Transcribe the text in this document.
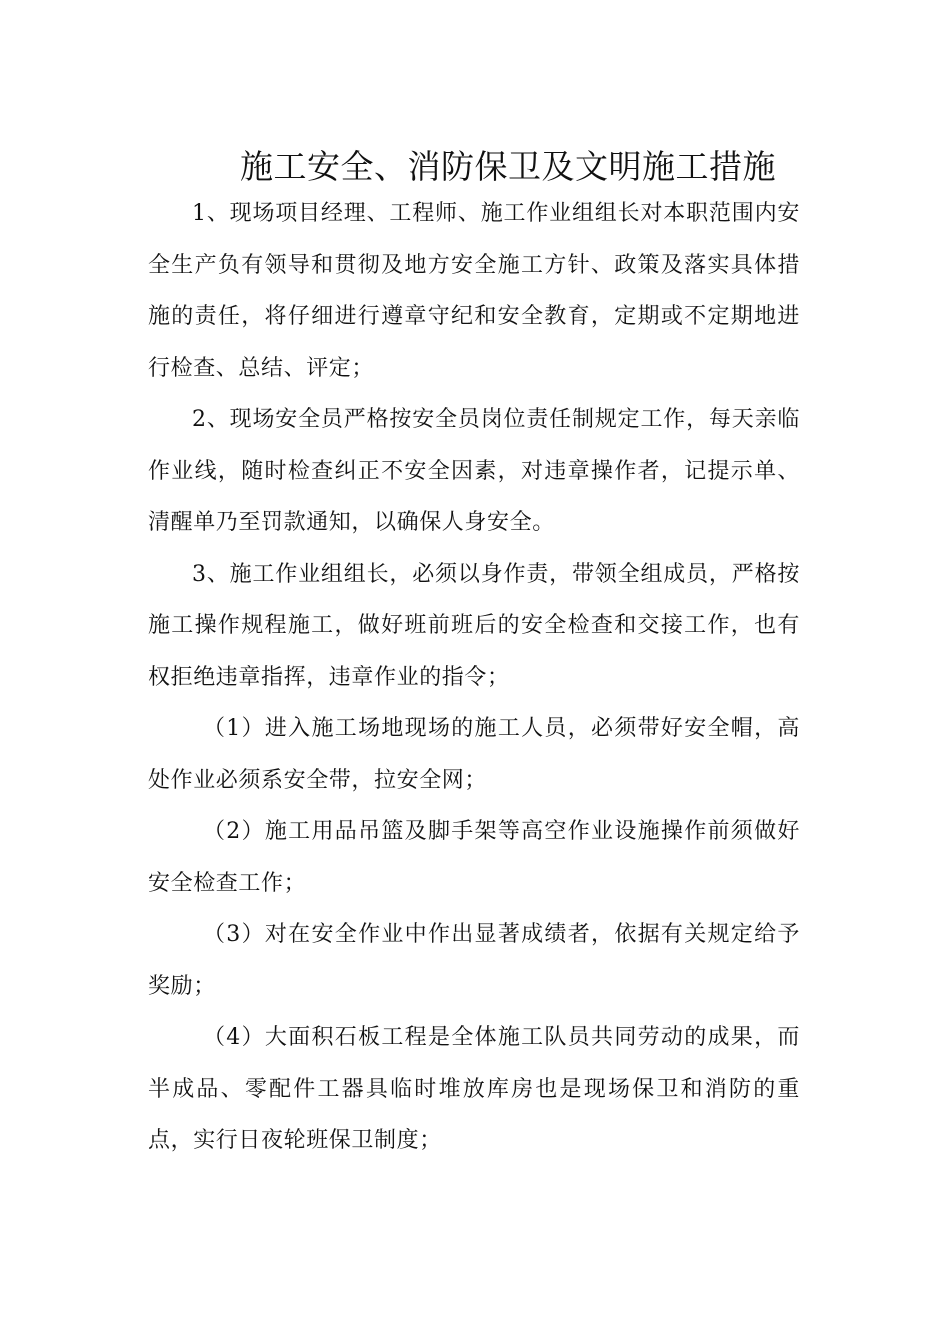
施工安全、消防保卫及文明施工措施

1、现场项目经理、工程师、施工作业组组长对本职范围内安全生产负有领导和贯彻及地方安全施工方针、政策及落实具体措施的责任，将仔细进行遵章守纪和安全教育，定期或不定期地进行检查、总结、评定；

2、现场安全员严格按安全员岗位责任制规定工作，每天亲临作业线，随时检查纠正不安全因素，对违章操作者，记提示单、清醒单乃至罚款通知，以确保人身安全。

3、施工作业组组长，必须以身作责，带领全组成员，严格按施工操作规程施工，做好班前班后的安全检查和交接工作，也有权拒绝违章指挥，违章作业的指令；

（1）进入施工场地现场的施工人员，必须带好安全帽，高处作业必须系安全带，拉安全网；

（2）施工用品吊篮及脚手架等高空作业设施操作前须做好安全检查工作；

（3）对在安全作业中作出显著成绩者，依据有关规定给予奖励；

（4）大面积石板工程是全体施工队员共同劳动的成果，而半成品、零配件工器具临时堆放库房也是现场保卫和消防的重点，实行日夜轮班保卫制度；
